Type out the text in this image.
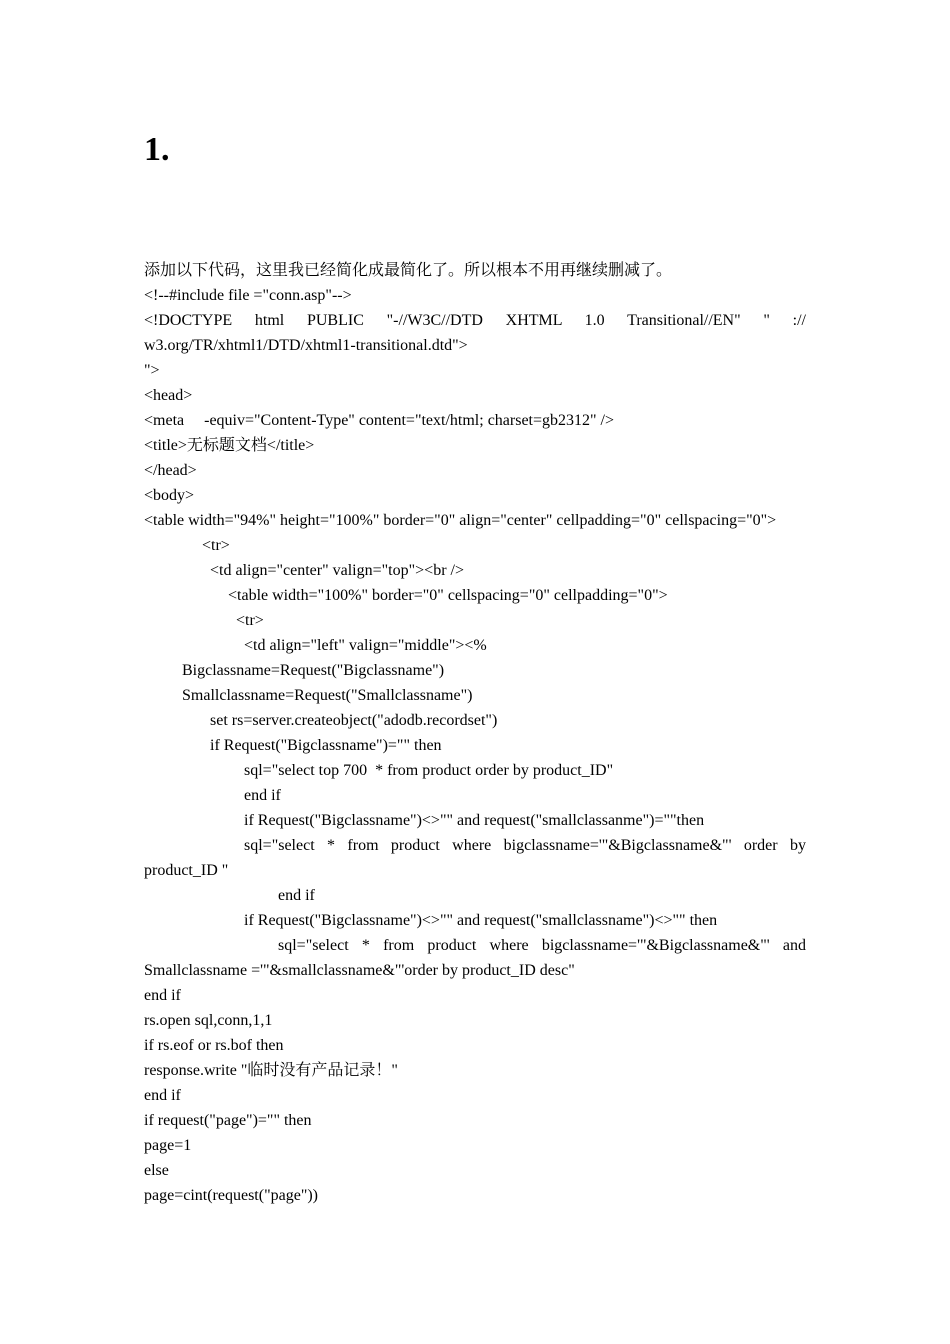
1.
添加以下代码，这里我已经简化成最简化了。所以根本不用再继续删减了。
<!--#include file ="conn.asp"-->
<!DOCTYPE html PUBLIC "-//W3C//DTD XHTML 1.0 Transitional//EN" " ://
w3.org/TR/xhtml1/DTD/xhtml1-transitional.dtd">
">
<head>
<meta     -equiv="Content-Type" content="text/html; charset=gb2312" />
<title>无标题文档</title>
</head>
<body>
<table width="94%" height="100%" border="0" align="center" cellpadding="0" cellspacing="0">
<tr>
<td align="center" valign="top"><br />
<table width="100%" border="0" cellspacing="0" cellpadding="0">
<tr>
<td align="left" valign="middle"><%
Bigclassname=Request("Bigclassname")
Smallclassname=Request("Smallclassname")
set rs=server.createobject("adodb.recordset")
if Request("Bigclassname")="" then
sql="select top 700  * from product order by product_ID"
end if
if Request("Bigclassname")<>"" and request("smallclassanme")=""then
sql="select * from product where bigclassname='"&Bigclassname&"' order by
product_ID "
end if
if Request("Bigclassname")<>"" and request("smallclassname")<>"" then
sql="select * from product where bigclassname='"&Bigclassname&"' and
Smallclassname ='"&smallclassname&"'order by product_ID desc"
end if
rs.open sql,conn,1,1
if rs.eof or rs.bof then
response.write "临时没有产品记录！"
end if
if request("page")="" then
page=1
else
page=cint(request("page"))
